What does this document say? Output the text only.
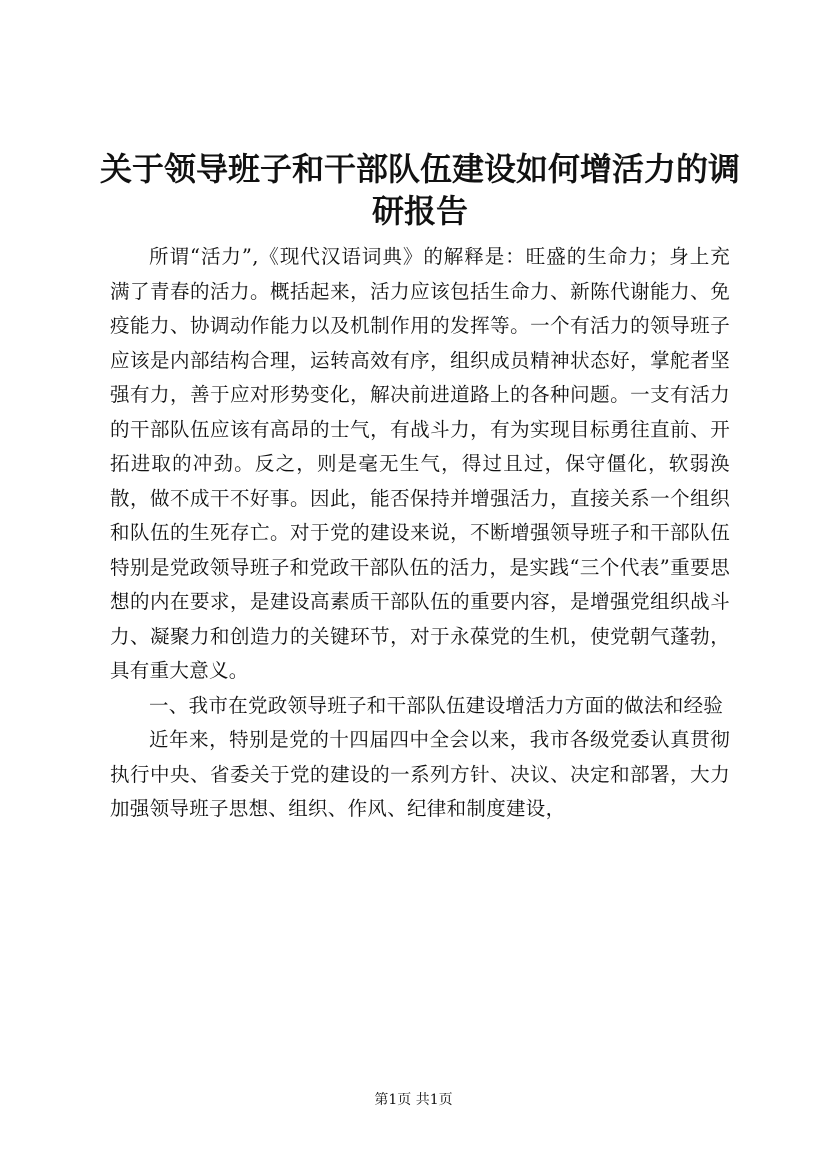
关于领导班子和干部队伍建设如何增活力的调研报告

所谓“活力”,《现代汉语词典》的解释是：旺盛的生命力；身上充满了青春的活力。概括起来，活力应该包括生命力、新陈代谢能力、免疫能力、协调动作能力以及机制作用的发挥等。一个有活力的领导班子应该是内部结构合理，运转高效有序，组织成员精神状态好，掌舵者坚强有力，善于应对形势变化，解决前进道路上的各种问题。一支有活力的干部队伍应该有高昂的士气，有战斗力，有为实现目标勇往直前、开拓进取的冲劲。反之，则是毫无生气，得过且过，保守僵化，软弱涣散，做不成干不好事。因此，能否保持并增强活力，直接关系一个组织和队伍的生死存亡。对于党的建设来说，不断增强领导班子和干部队伍特别是党政领导班子和党政干部队伍的活力，是实践“三个代表”重要思想的内在要求，是建设高素质干部队伍的重要内容，是增强党组织战斗力、凝聚力和创造力的关键环节，对于永葆党的生机，使党朝气蓬勃，具有重大意义。

一、我市在党政领导班子和干部队伍建设增活力方面的做法和经验

近年来，特别是党的十四届四中全会以来，我市各级党委认真贯彻执行中央、省委关于党的建设的一系列方针、决议、决定和部署，大力加强领导班子思想、组织、作风、纪律和制度建设，

第1页 共1页
